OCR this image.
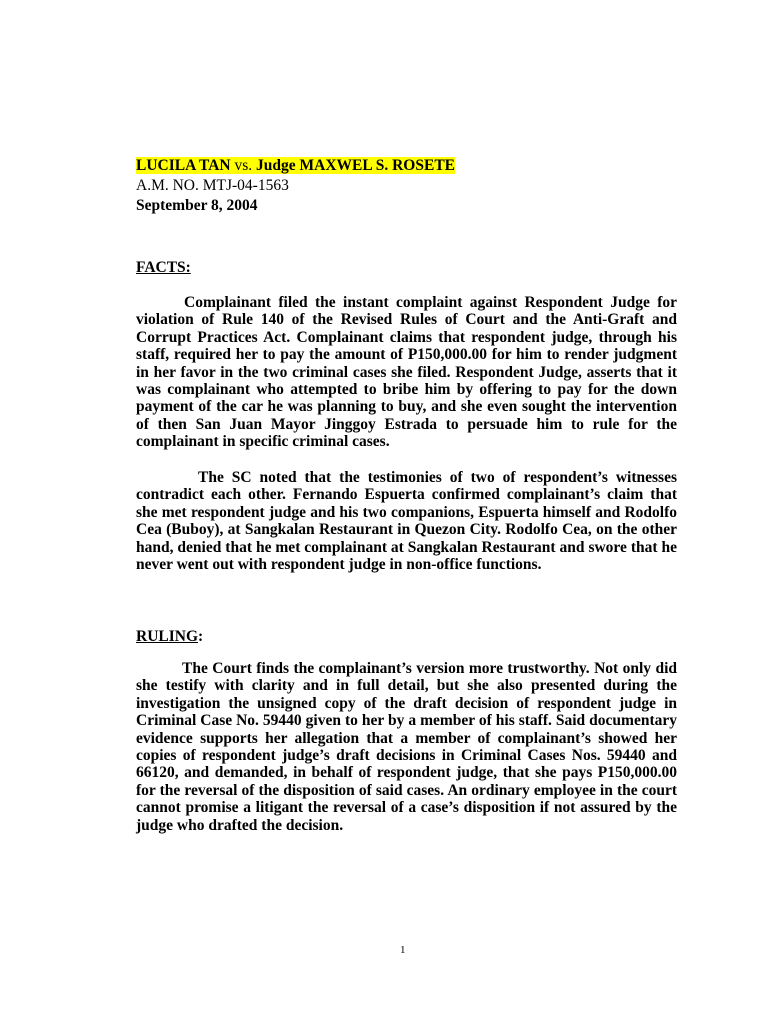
LUCILA TAN vs. Judge MAXWEL S. ROSETE
A.M. NO. MTJ-04-1563
September 8, 2004
FACTS:

Complainant filed the instant complaint against Respondent Judge for violation of Rule 140 of the Revised Rules of Court and the Anti-Graft and Corrupt Practices Act. Complainant claims that respondent judge, through his staff, required her to pay the amount of P150,000.00 for him to render judgment in her favor in the two criminal cases she filed. Respondent Judge, asserts that it was complainant who attempted to bribe him by offering to pay for the down payment of the car he was planning to buy, and she even sought the intervention of then San Juan Mayor Jinggoy Estrada to persuade him to rule for the complainant in specific criminal cases.

The SC noted that the testimonies of two of respondent’s witnesses contradict each other. Fernando Espuerta confirmed complainant’s claim that she met respondent judge and his two companions, Espuerta himself and Rodolfo Cea (Buboy), at Sangkalan Restaurant in Quezon City. Rodolfo Cea, on the other hand, denied that he met complainant at Sangkalan Restaurant and swore that he never went out with respondent judge in non-office functions.

RULING:

The Court finds the complainant’s version more trustworthy. Not only did she testify with clarity and in full detail, but she also presented during the investigation the unsigned copy of the draft decision of respondent judge in Criminal Case No. 59440 given to her by a member of his staff. Said documentary evidence supports her allegation that a member of complainant’s showed her copies of respondent judge’s draft decisions in Criminal Cases Nos. 59440 and 66120, and demanded, in behalf of respondent judge, that she pays P150,000.00 for the reversal of the disposition of said cases. An ordinary employee in the court cannot promise a litigant the reversal of a case’s disposition if not assured by the judge who drafted the decision.

1
